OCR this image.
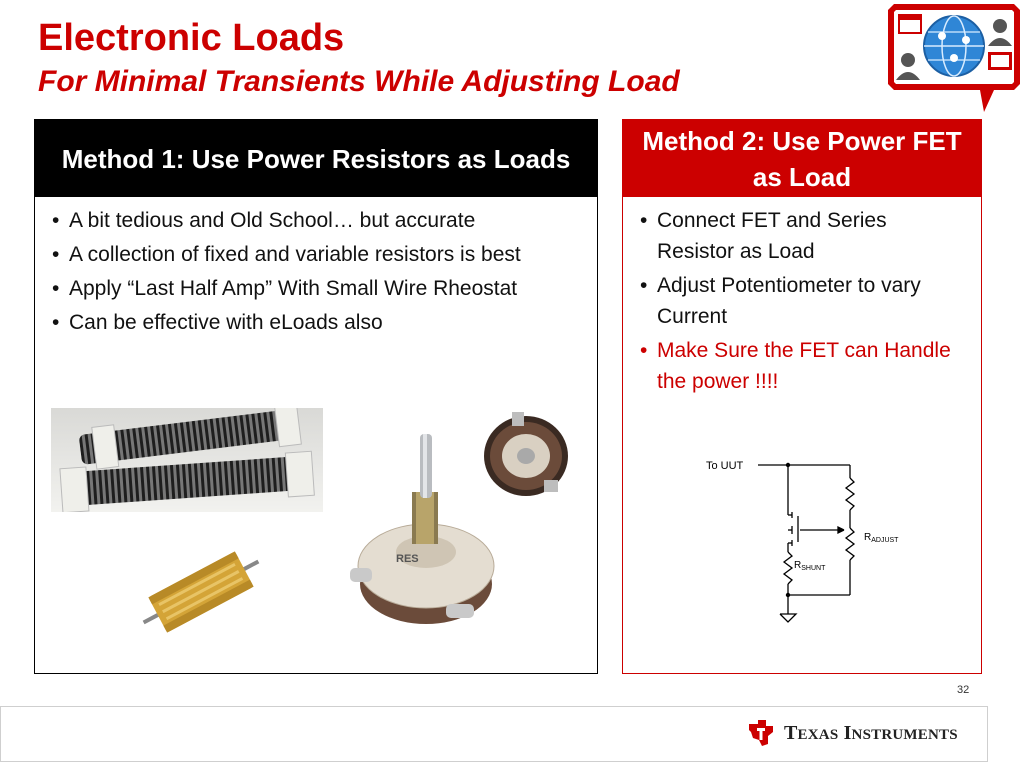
Electronic Loads
For Minimal Transients While Adjusting Load
Method 1: Use Power Resistors as Loads
• A bit tedious and Old School… but accurate
• A collection of fixed and variable resistors is best
• Apply “Last Half Amp” With Small Wire Rheostat
• Can be effective with eLoads also
RES
Method 2: Use Power FET as Load
• Connect FET and Series Resistor as Load
• Adjust Potentiometer to vary Current
• Make Sure the FET can Handle the power !!!!
To UUT
$R_{ADJUST}$
$R_{SHUNT}$
32
TEXAS INSTRUMENTS
